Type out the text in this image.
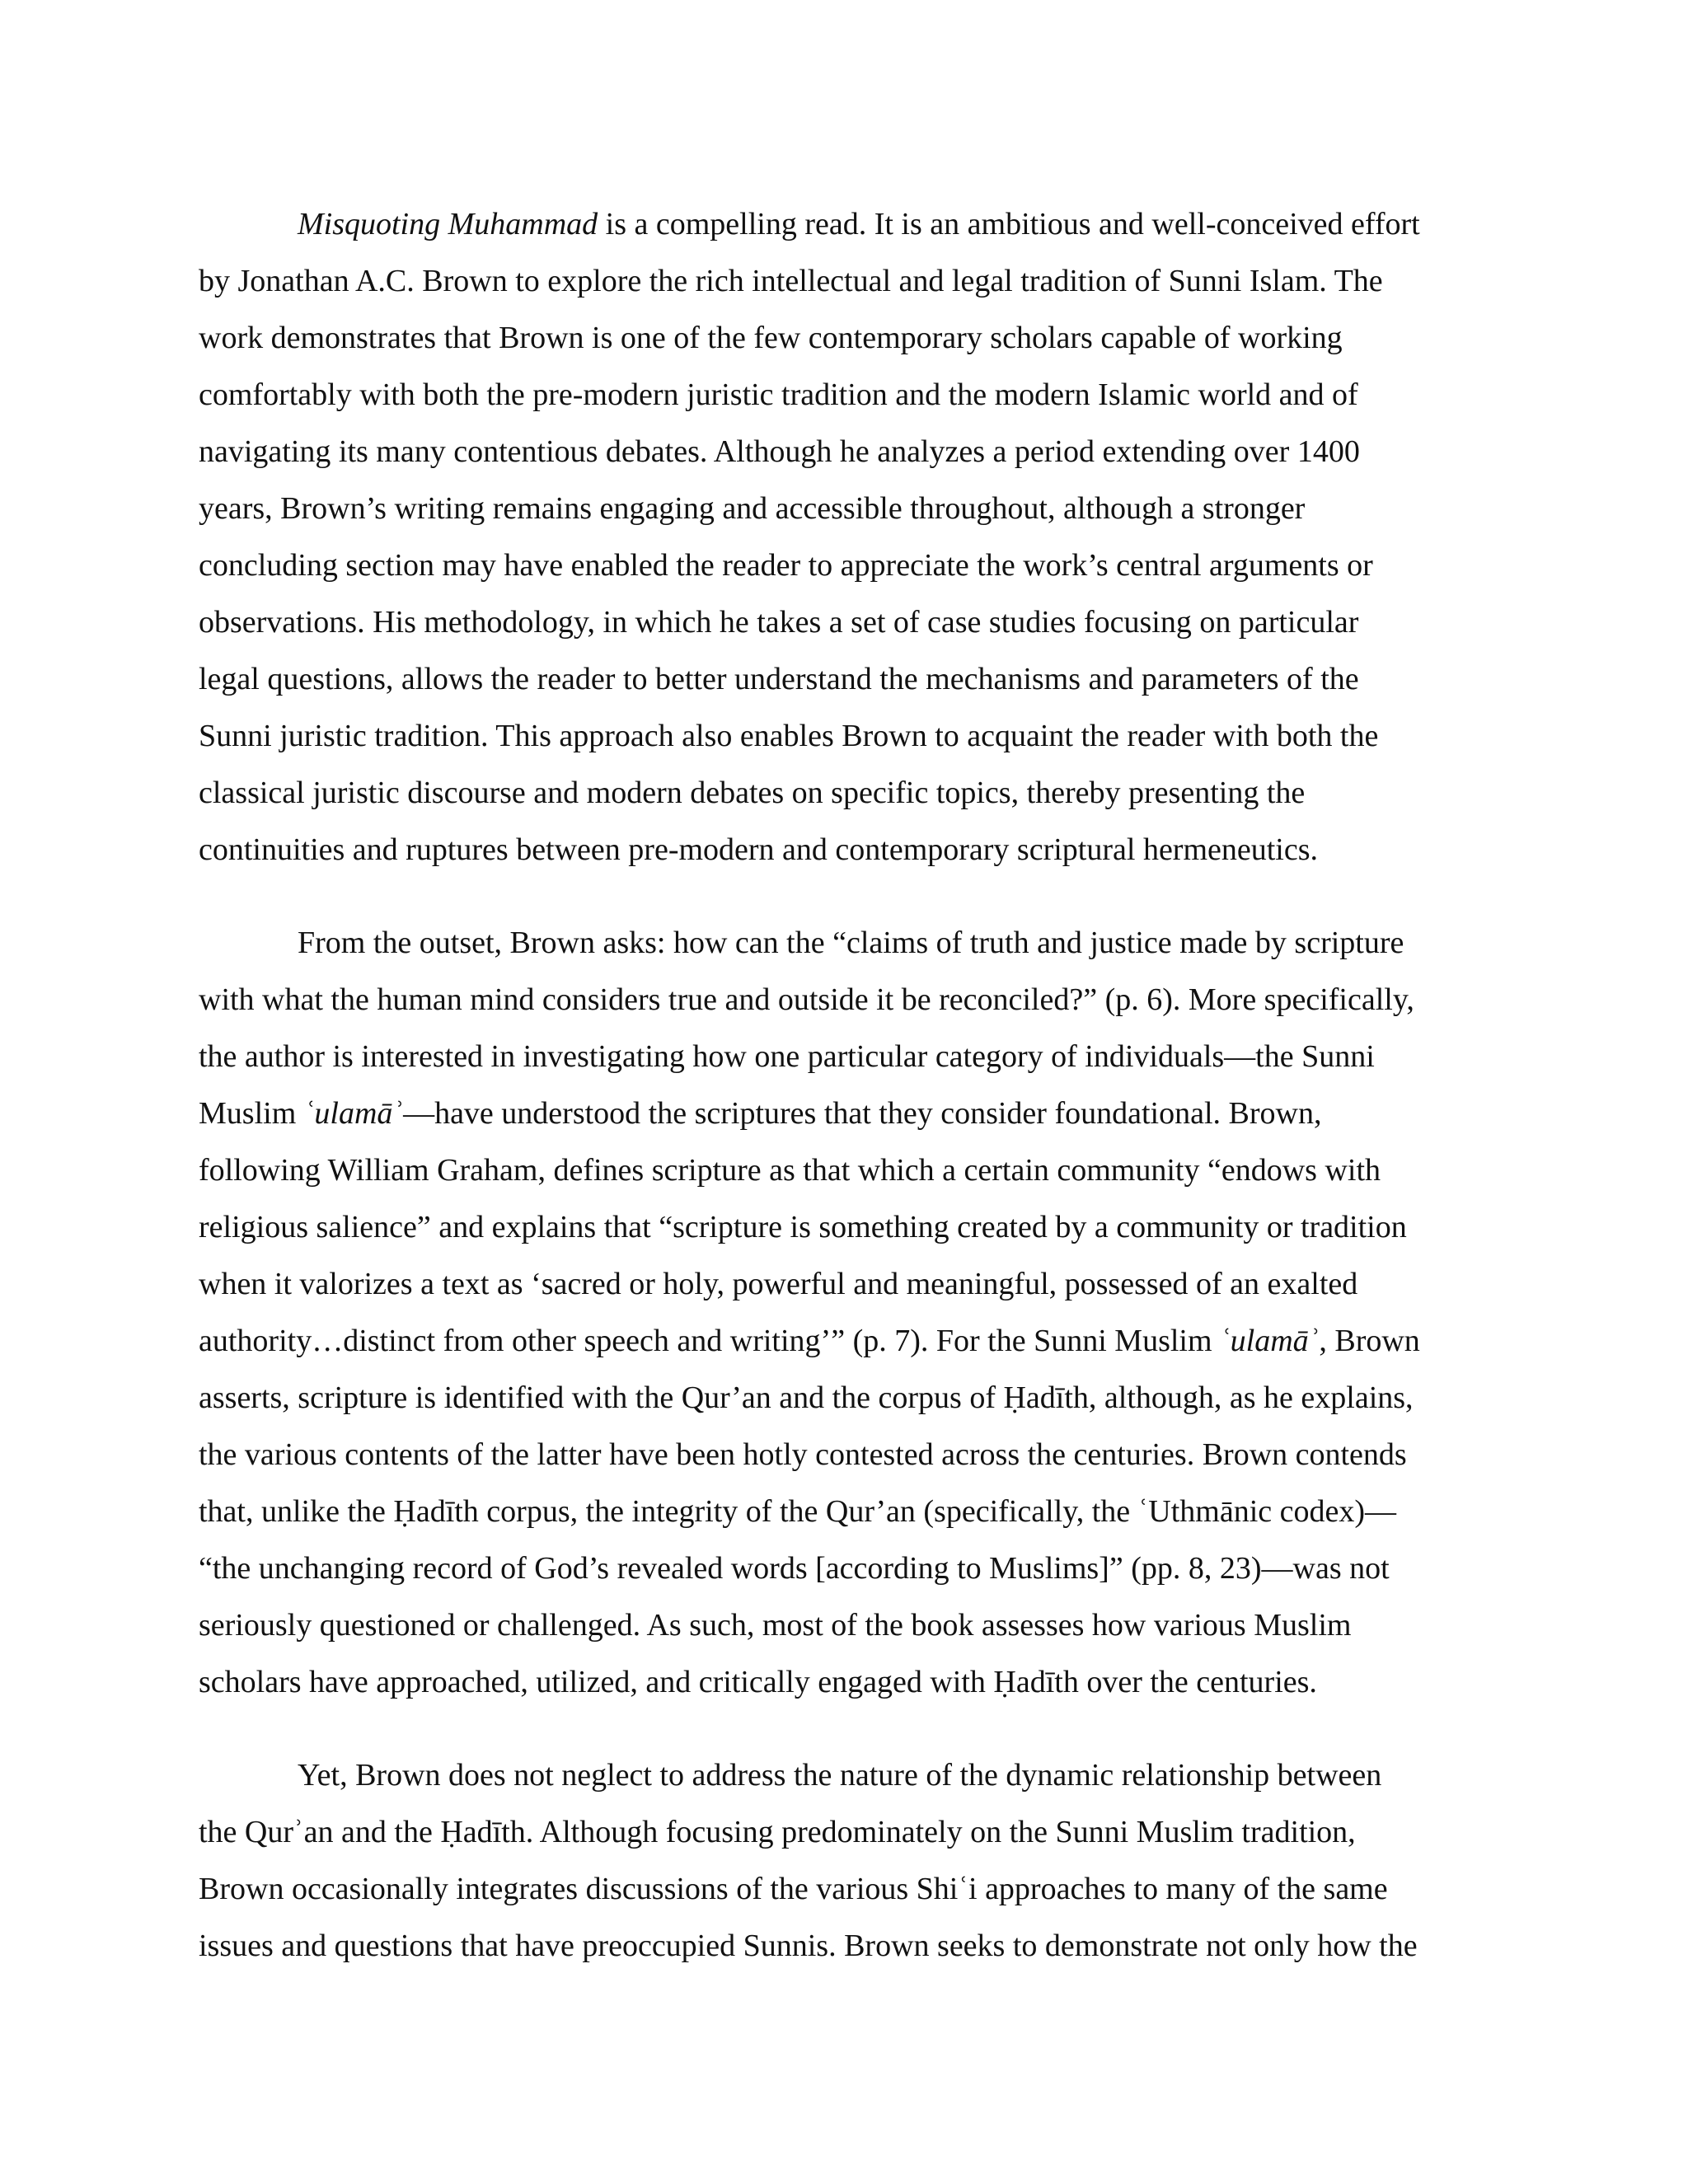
Misquoting Muhammad is a compelling read. It is an ambitious and well-conceived effort
by Jonathan A.C. Brown to explore the rich intellectual and legal tradition of Sunni Islam. The
work demonstrates that Brown is one of the few contemporary scholars capable of working
comfortably with both the pre-modern juristic tradition and the modern Islamic world and of
navigating its many contentious debates. Although he analyzes a period extending over 1400
years, Brown’s writing remains engaging and accessible throughout, although a stronger
concluding section may have enabled the reader to appreciate the work’s central arguments or
observations. His methodology, in which he takes a set of case studies focusing on particular
legal questions, allows the reader to better understand the mechanisms and parameters of the
Sunni juristic tradition. This approach also enables Brown to acquaint the reader with both the
classical juristic discourse and modern debates on specific topics, thereby presenting the
continuities and ruptures between pre-modern and contemporary scriptural hermeneutics.

From the outset, Brown asks: how can the “claims of truth and justice made by scripture
with what the human mind considers true and outside it be reconciled?” (p. 6). More specifically,
the author is interested in investigating how one particular category of individuals—the Sunni
Muslim ʿulamāʾ—have understood the scriptures that they consider foundational. Brown,
following William Graham, defines scripture as that which a certain community “endows with
religious salience” and explains that “scripture is something created by a community or tradition
when it valorizes a text as ‘sacred or holy, powerful and meaningful, possessed of an exalted
authority…distinct from other speech and writing’” (p. 7). For the Sunni Muslim ʿulamāʾ, Brown
asserts, scripture is identified with the Qur’an and the corpus of Ḥadīth, although, as he explains,
the various contents of the latter have been hotly contested across the centuries. Brown contends
that, unlike the Ḥadīth corpus, the integrity of the Qur’an (specifically, the ʿUthmānic codex)—
“the unchanging record of God’s revealed words [according to Muslims]” (pp. 8, 23)—was not
seriously questioned or challenged. As such, most of the book assesses how various Muslim
scholars have approached, utilized, and critically engaged with Ḥadīth over the centuries.

Yet, Brown does not neglect to address the nature of the dynamic relationship between
the Qurʾan and the Ḥadīth. Although focusing predominately on the Sunni Muslim tradition,
Brown occasionally integrates discussions of the various Shiʿi approaches to many of the same
issues and questions that have preoccupied Sunnis. Brown seeks to demonstrate not only how the
